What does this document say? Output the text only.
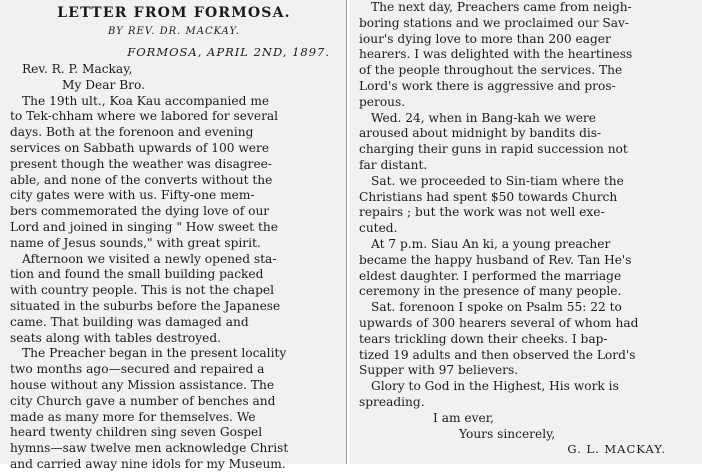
LETTER FROM FORMOSA.
BY REV. DR. MACKAY.
FORMOSA, APRIL 2ND, 1897.
Rev. R. P. Mackay,
My Dear Bro.
The 19th ult., Koa Kau accompanied me
to Tek-chham where we labored for several
days. Both at the forenoon and evening
services on Sabbath upwards of 100 were
present though the weather was disagree-
able, and none of the converts without the
city gates were with us. Fifty-one mem-
bers commemorated the dying love of our
Lord and joined in singing " How sweet the
name of Jesus sounds," with great spirit.
Afternoon we visited a newly opened sta-
tion and found the small building packed
with country people. This is not the chapel
situated in the suburbs before the Japanese
came. That building was damaged and
seats along with tables destroyed.
The Preacher began in the present locality
two months ago—secured and repaired a
house without any Mission assistance. The
city Church gave a number of benches and
made as many more for themselves. We
heard twenty children sing seven Gospel
hymns—saw twelve men acknowledge Christ
and carried away nine idols for my Museum.
The next day, Preachers came from neigh-
boring stations and we proclaimed our Sav-
iour's dying love to more than 200 eager
hearers. I was delighted with the heartiness
of the people throughout the services. The
Lord's work there is aggressive and pros-
perous.
Wed. 24, when in Bang-kah we were
aroused about midnight by bandits dis-
charging their guns in rapid succession not
far distant.
Sat. we proceeded to Sin-tiam where the
Christians had spent $50 towards Church
repairs ; but the work was not well exe-
cuted.
At 7 p.m. Siau An ki, a young preacher
became the happy husband of Rev. Tan He's
eldest daughter. I performed the marriage
ceremony in the presence of many people.
Sat. forenoon I spoke on Psalm 55: 22 to
upwards of 300 hearers several of whom had
tears trickling down their cheeks. I bap-
tized 19 adults and then observed the Lord's
Supper with 97 believers.
Glory to God in the Highest, His work is
spreading.
I am ever,
Yours sincerely,
G. L. MACKAY.
